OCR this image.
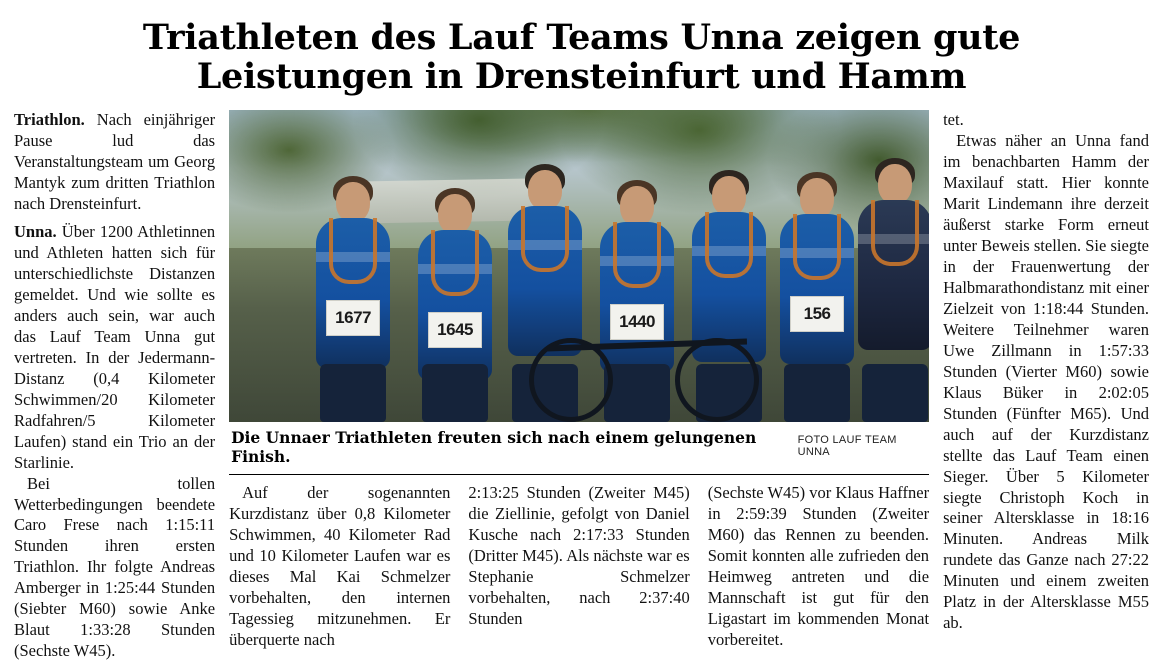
Triathleten des Lauf Teams Unna zeigen gute
Leistungen in Drensteinfurt und Hamm

Triathlon. Nach einjähriger Pause lud das Veranstaltungsteam um Georg Mantyk zum dritten Triathlon nach Drensteinfurt.

Unna. Über 1200 Athletinnen und Athleten hatten sich für unterschiedlichste Distanzen gemeldet. Und wie sollte es anders auch sein, war auch das Lauf Team Unna gut vertreten. In der Jedermann-Distanz (0,4 Kilometer Schwimmen/20 Kilometer Radfahren/5 Kilometer Laufen) stand ein Trio an der Starlinie.

Bei tollen Wetterbedingungen beendete Caro Frese nach 1:15:11 Stunden ihren ersten Triathlon. Ihr folgte Andreas Amberger in 1:25:44 Stunden (Siebter M60) sowie Anke Blaut 1:33:28 Stunden (Sechste W45).

1677
1645	1440	156
Die Unnaer Triathleten freuten sich nach einem gelungenen Finish.
FOTO LAUF TEAM UNNA

Auf der sogenannten Kurzdistanz über 0,8 Kilometer Schwimmen, 40 Kilometer Rad und 10 Kilometer Laufen war es dieses Mal Kai Schmelzer vorbehalten, den internen Tagessieg mitzunehmen. Er überquerte nach

2:13:25 Stunden (Zweiter M45) die Ziellinie, gefolgt von Daniel Kusche nach 2:17:33 Stunden (Dritter M45). Als nächste war es Stephanie Schmelzer vorbehalten, nach 2:37:40 Stunden

(Sechste W45) vor Klaus Haffner in 2:59:39 Stunden (Zweiter M60) das Rennen zu beenden. Somit konnten alle zufrieden den Heimweg antreten und die Mannschaft ist gut für den Ligastart im kommenden Monat vorbereitet.

tet.

Etwas näher an Unna fand im benachbarten Hamm der Maxilauf statt. Hier konnte Marit Lindemann ihre derzeit äußerst starke Form erneut unter Beweis stellen. Sie siegte in der Frauenwertung der Halbmarathondistanz mit einer Zielzeit von 1:18:44 Stunden. Weitere Teilnehmer waren Uwe Zillmann in 1:57:33 Stunden (Vierter M60) sowie Klaus Büker in 2:02:05 Stunden (Fünfter M65). Und auch auf der Kurzdistanz stellte das Lauf Team einen Sieger. Über 5 Kilometer siegte Christoph Koch in seiner Altersklasse in 18:16 Minuten. Andreas Milk rundete das Ganze nach 27:22 Minuten und einem zweiten Platz in der Altersklasse M55 ab.
